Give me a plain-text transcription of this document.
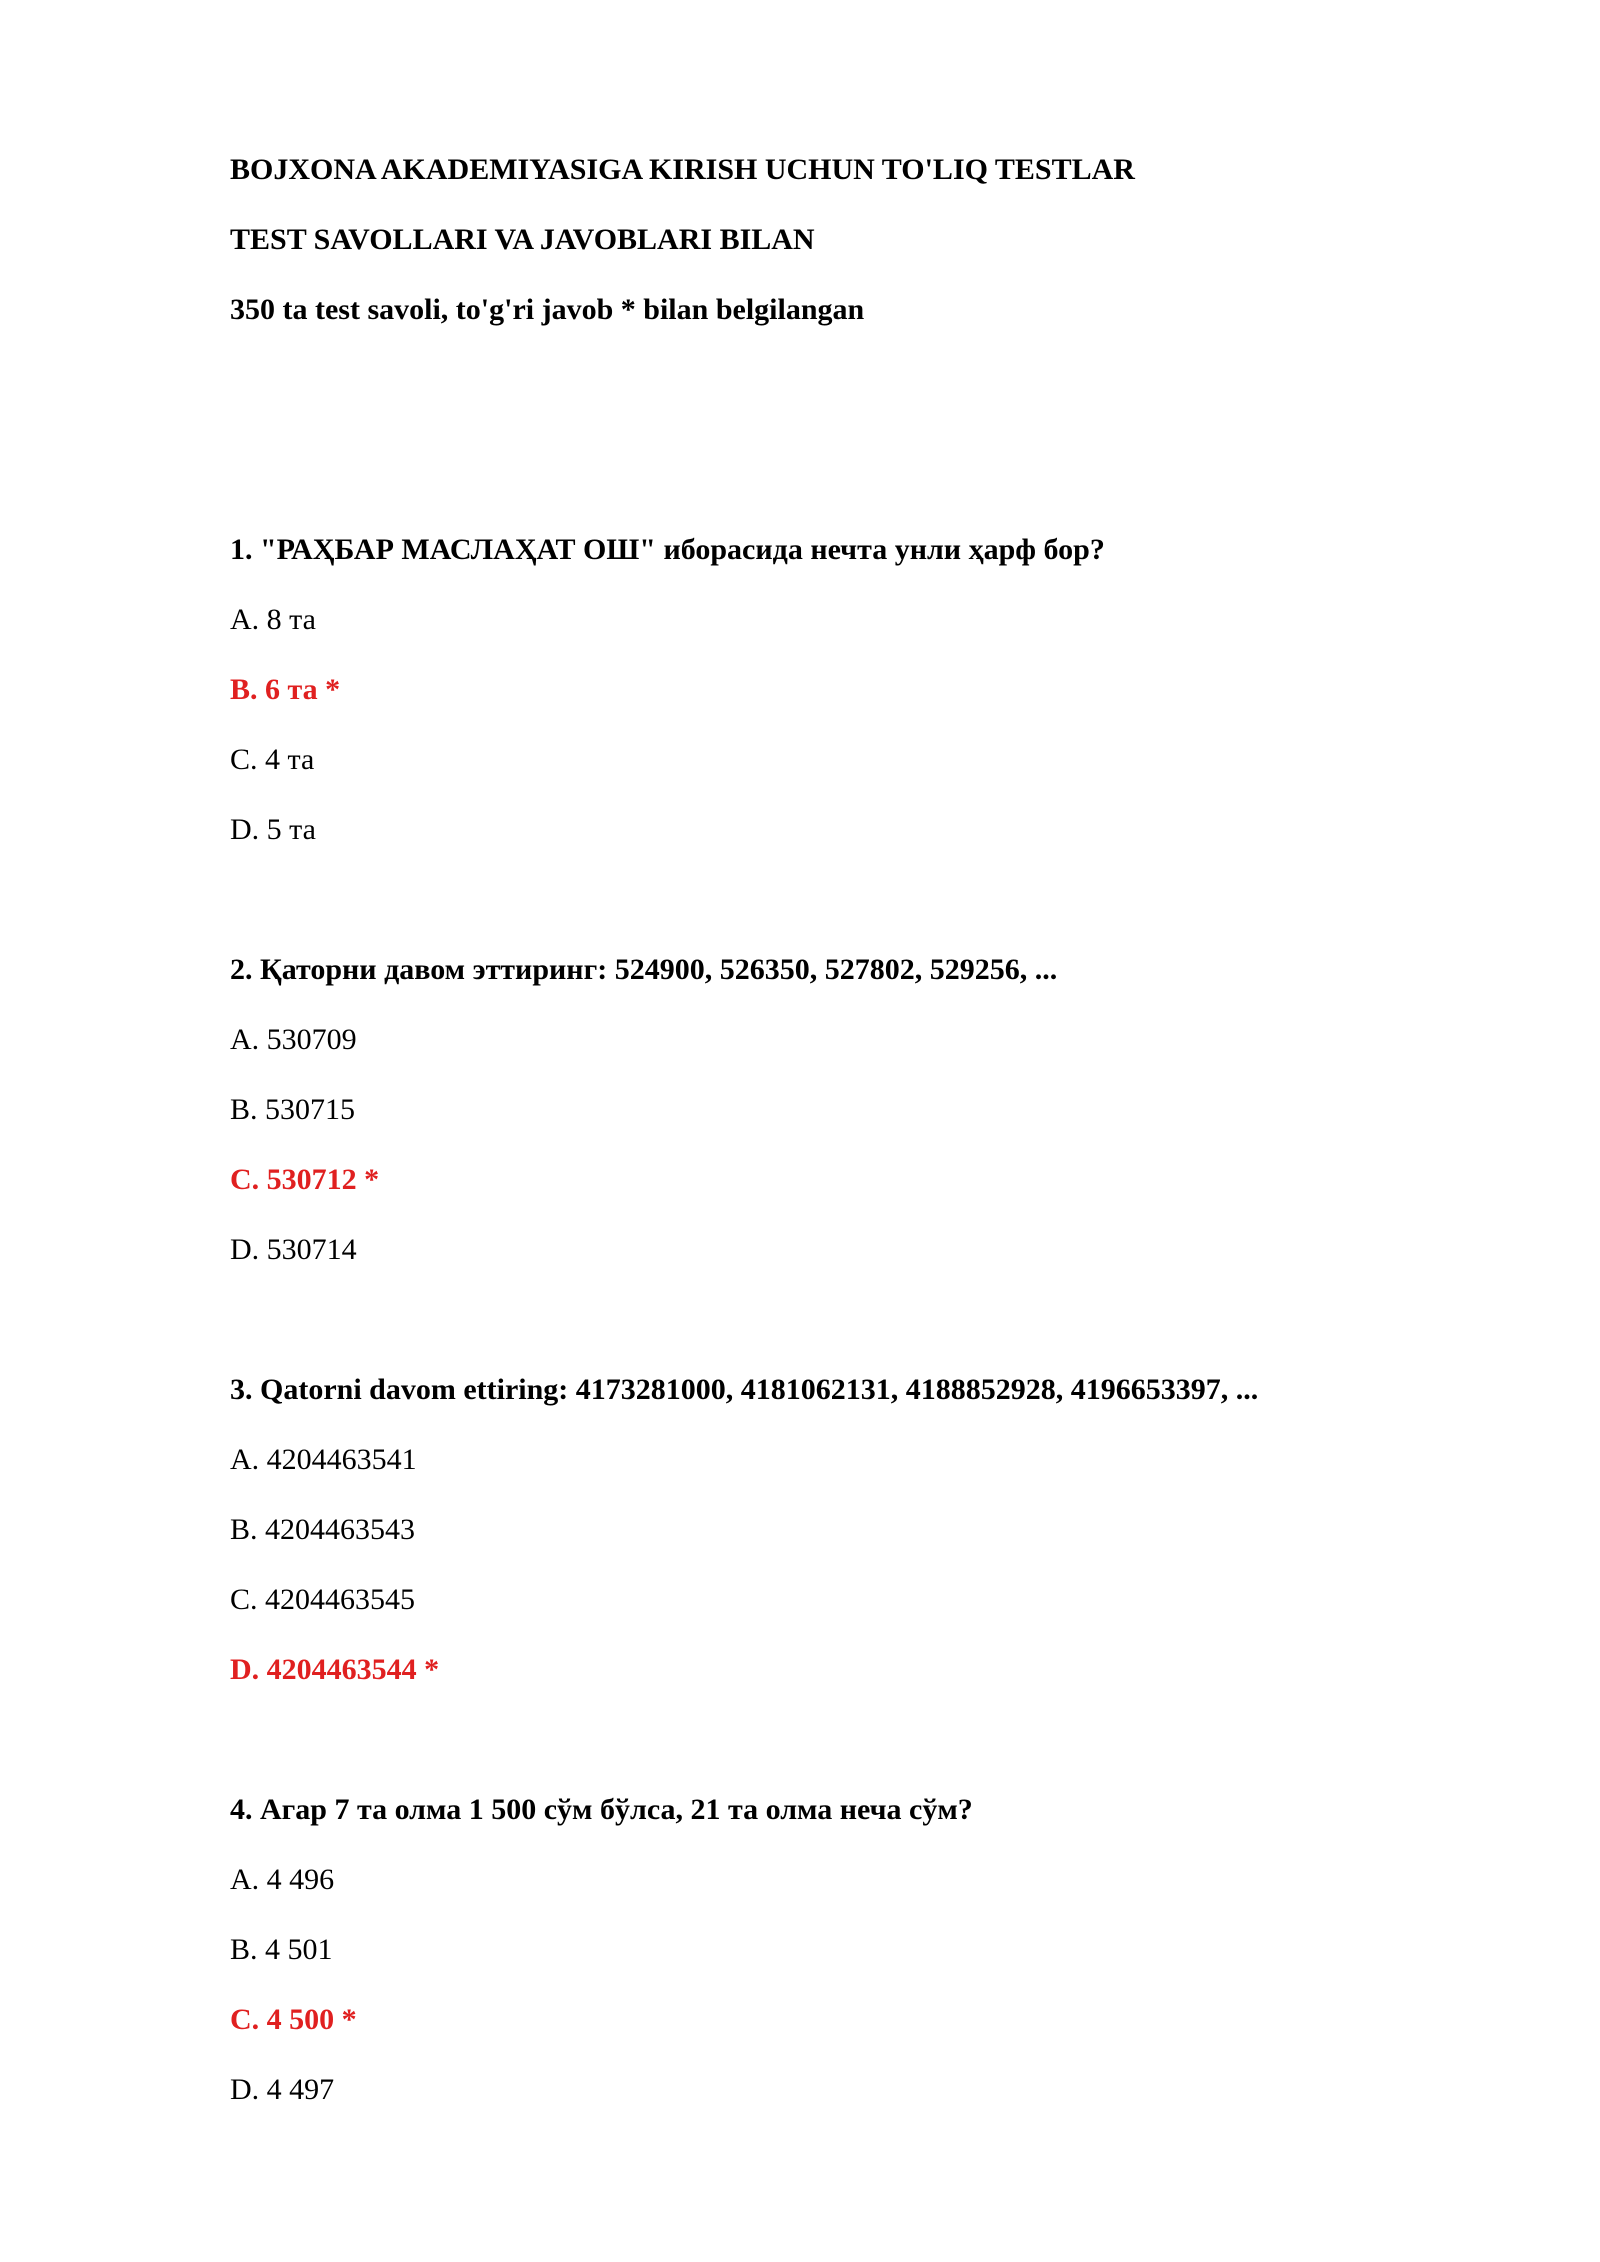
BOJXONA AKADEMIYASIGA KIRISH UCHUN TO'LIQ TESTLAR
TEST SAVOLLARI VA JAVOBLARI BILAN
350 ta test savoli, to'g'ri javob * bilan belgilangan
1. "РАҲБАР МАСЛАҲАТ ОШ" иборасида нечта унли ҳарф бор?
A. 8 та
B. 6 та *
C. 4 та
D. 5 та
2. Қаторни давом эттиринг: 524900, 526350, 527802, 529256, ...
A. 530709
B. 530715
C. 530712 *
D. 530714
3. Qatorni davom ettiring: 4173281000, 4181062131, 4188852928, 4196653397, ...
A. 4204463541
B. 4204463543
C. 4204463545
D. 4204463544 *
4. Агар 7 та олма 1 500 сўм бўлса, 21 та олма неча сўм?
A. 4 496
B. 4 501
C. 4 500 *
D. 4 497
